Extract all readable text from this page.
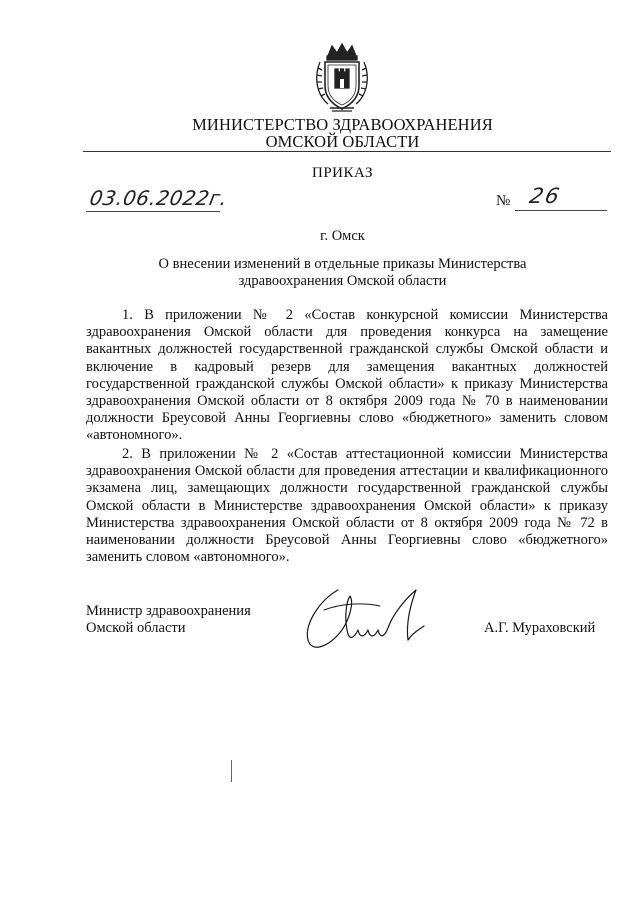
МИНИСТЕРСТВО ЗДРАВООХРАНЕНИЯ
ОМСКОЙ ОБЛАСТИ
ПРИКАЗ
03.06.2022г.	№ 26
г. Омск
О внесении изменений в отдельные приказы Министерства
здравоохранения Омской области

1. В приложении № 2 «Состав конкурсной комиссии Министерства здравоохранения Омской области для проведения конкурса на замещение вакантных должностей государственной гражданской службы Омской области и включение в кадровый резерв для замещения вакантных должностей государственной гражданской службы Омской области» к приказу Министерства здравоохранения Омской области от 8 октября 2009 года № 70 в наименовании должности Бреусовой Анны Георгиевны слово «бюджетного» заменить словом «автономного».

2. В приложении № 2 «Состав аттестационной комиссии Министерства здравоохранения Омской области для проведения аттестации и квалификационного экзамена лиц, замещающих должности государственной гражданской службы Омской области в Министерстве здравоохранения Омской области» к приказу Министерства здравоохранения Омской области от 8 октября 2009 года № 72 в наименовании должности Бреусовой Анны Георгиевны слово «бюджетного» заменить словом «автономного».

Министр здравоохранения
Омской области	А.Г. Мураховский
